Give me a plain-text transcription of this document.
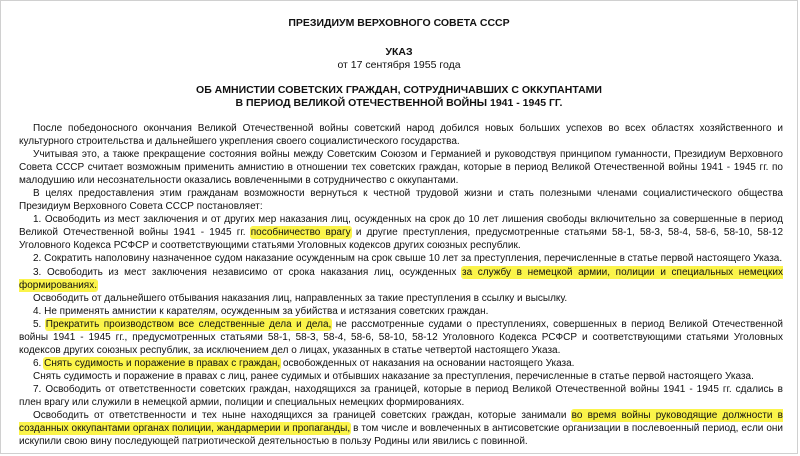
ПРЕЗИДИУМ ВЕРХОВНОГО СОВЕТА СССР
УКАЗ
от 17 сентября 1955 года
ОБ АМНИСТИИ СОВЕТСКИХ ГРАЖДАН, СОТРУДНИЧАВШИХ С ОККУПАНТАМИ
В ПЕРИОД ВЕЛИКОЙ ОТЕЧЕСТВЕННОЙ ВОЙНЫ 1941 - 1945 ГГ.

После победоносного окончания Великой Отечественной войны советский народ добился новых больших успехов во всех областях хозяйственного и культурного строительства и дальнейшего укрепления своего социалистического государства.

Учитывая это, а также прекращение состояния войны между Советским Союзом и Германией и руководствуя принципом гуманности, Президиум Верховного Совета СССР считает возможным применить амнистию в отношении тех советских граждан, которые в период Великой Отечественной войны 1941 - 1945 гг. по малодушию или несознательности оказались вовлеченными в сотрудничество с оккупантами.

В целях предоставления этим гражданам возможности вернуться к честной трудовой жизни и стать полезными членами социалистического общества Президиум Верховного Совета СССР постановляет:

1. Освободить из мест заключения и от других мер наказания лиц, осужденных на срок до 10 лет лишения свободы включительно за совершенные в период Великой Отечественной войны 1941 - 1945 гг. пособничество врагу и другие преступления, предусмотренные статьями 58-1, 58-3, 58-4, 58-6, 58-10, 58-12 Уголовного Кодекса РСФСР и соответствующими статьями Уголовных кодексов других союзных республик.

2. Сократить наполовину назначенное судом наказание осужденным на срок свыше 10 лет за преступления, перечисленные в статье первой настоящего Указа.

3. Освободить из мест заключения независимо от срока наказания лиц, осужденных за службу в немецкой армии, полиции и специальных немецких формированиях.

Освободить от дальнейшего отбывания наказания лиц, направленных за такие преступления в ссылку и высылку.

4. Не применять амнистии к карателям, осужденным за убийства и истязания советских граждан.

5. Прекратить производством все следственные дела и дела, не рассмотренные судами о преступлениях, совершенных в период Великой Отечественной войны 1941 - 1945 гг., предусмотренных статьями 58-1, 58-3, 58-4, 58-6, 58-10, 58-12 Уголовного Кодекса РСФСР и соответствующими статьями Уголовных кодексов других союзных республик, за исключением дел о лицах, указанных в статье четвертой настоящего Указа.

6. Снять судимость и поражение в правах с граждан, освобожденных от наказания на основании настоящего Указа.

Снять судимость и поражение в правах с лиц, ранее судимых и отбывших наказание за преступления, перечисленные в статье первой настоящего Указа.

7. Освободить от ответственности советских граждан, находящихся за границей, которые в период Великой Отечественной войны 1941 - 1945 гг. сдались в плен врагу или служили в немецкой армии, полиции и специальных немецких формированиях.

Освободить от ответственности и тех ныне находящихся за границей советских граждан, которые занимали во время войны руководящие должности в созданных оккупантами органах полиции, жандармерии и пропаганды, в том числе и вовлеченных в антисоветские организации в послевоенный период, если они искупили свою вину последующей патриотической деятельностью в пользу Родины или явились с повинной.
